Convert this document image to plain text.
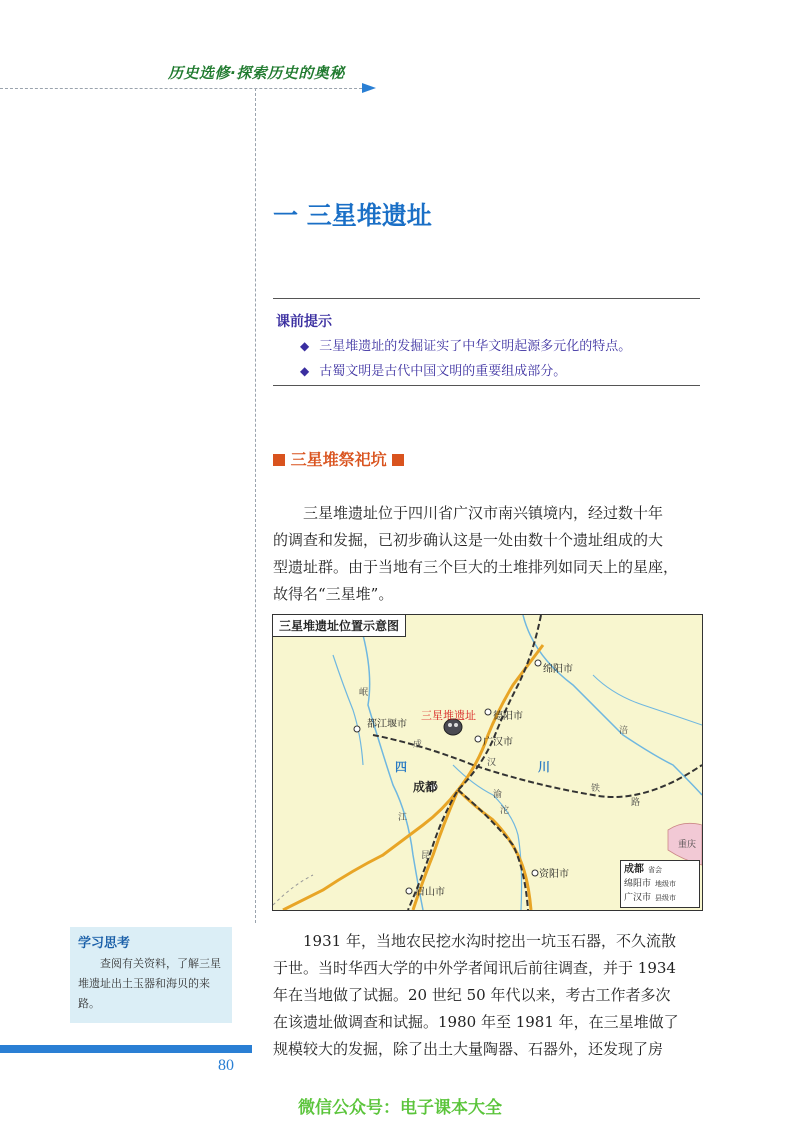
历史选修·探索历史的奥秘
一 三星堆遗址
课前提示
◆ 三星堆遗址的发掘证实了中华文明起源多元化的特点。
◆ 古蜀文明是古代中国文明的重要组成部分。
三星堆祭祀坑
三星堆遗址位于四川省广汉市南兴镇境内，经过数十年
的调查和发掘，已初步确认这是一处由数十个遗址组成的大
型遗址群。由于当地有三个巨大的土堆排列如同天上的星座，
故得名“三星堆”。
三星堆遗址位置示意图
绵阳市
德阳市
三星堆遗址
广汉市
都江堰市
成都
资阳市
眉山市
四	川
成
铁
路
渝
汉
昆
沱
岷
江
涪
重庆
成都 省会
绵阳市 地级市
广汉市 县级市
1931 年，当地农民挖水沟时挖出一坑玉石器，不久流散
于世。当时华西大学的中外学者闻讯后前往调查，并于 1934
年在当地做了试掘。20 世纪 50 年代以来，考古工作者多次
在该遗址做调查和试掘。1980 年至 1981 年，在三星堆做了
规模较大的发掘，除了出土大量陶器、石器外，还发现了房
学习思考
查阅有关资料，了解三星堆遗址出土玉器和海贝的来路。
80
微信公众号：电子课本大全
